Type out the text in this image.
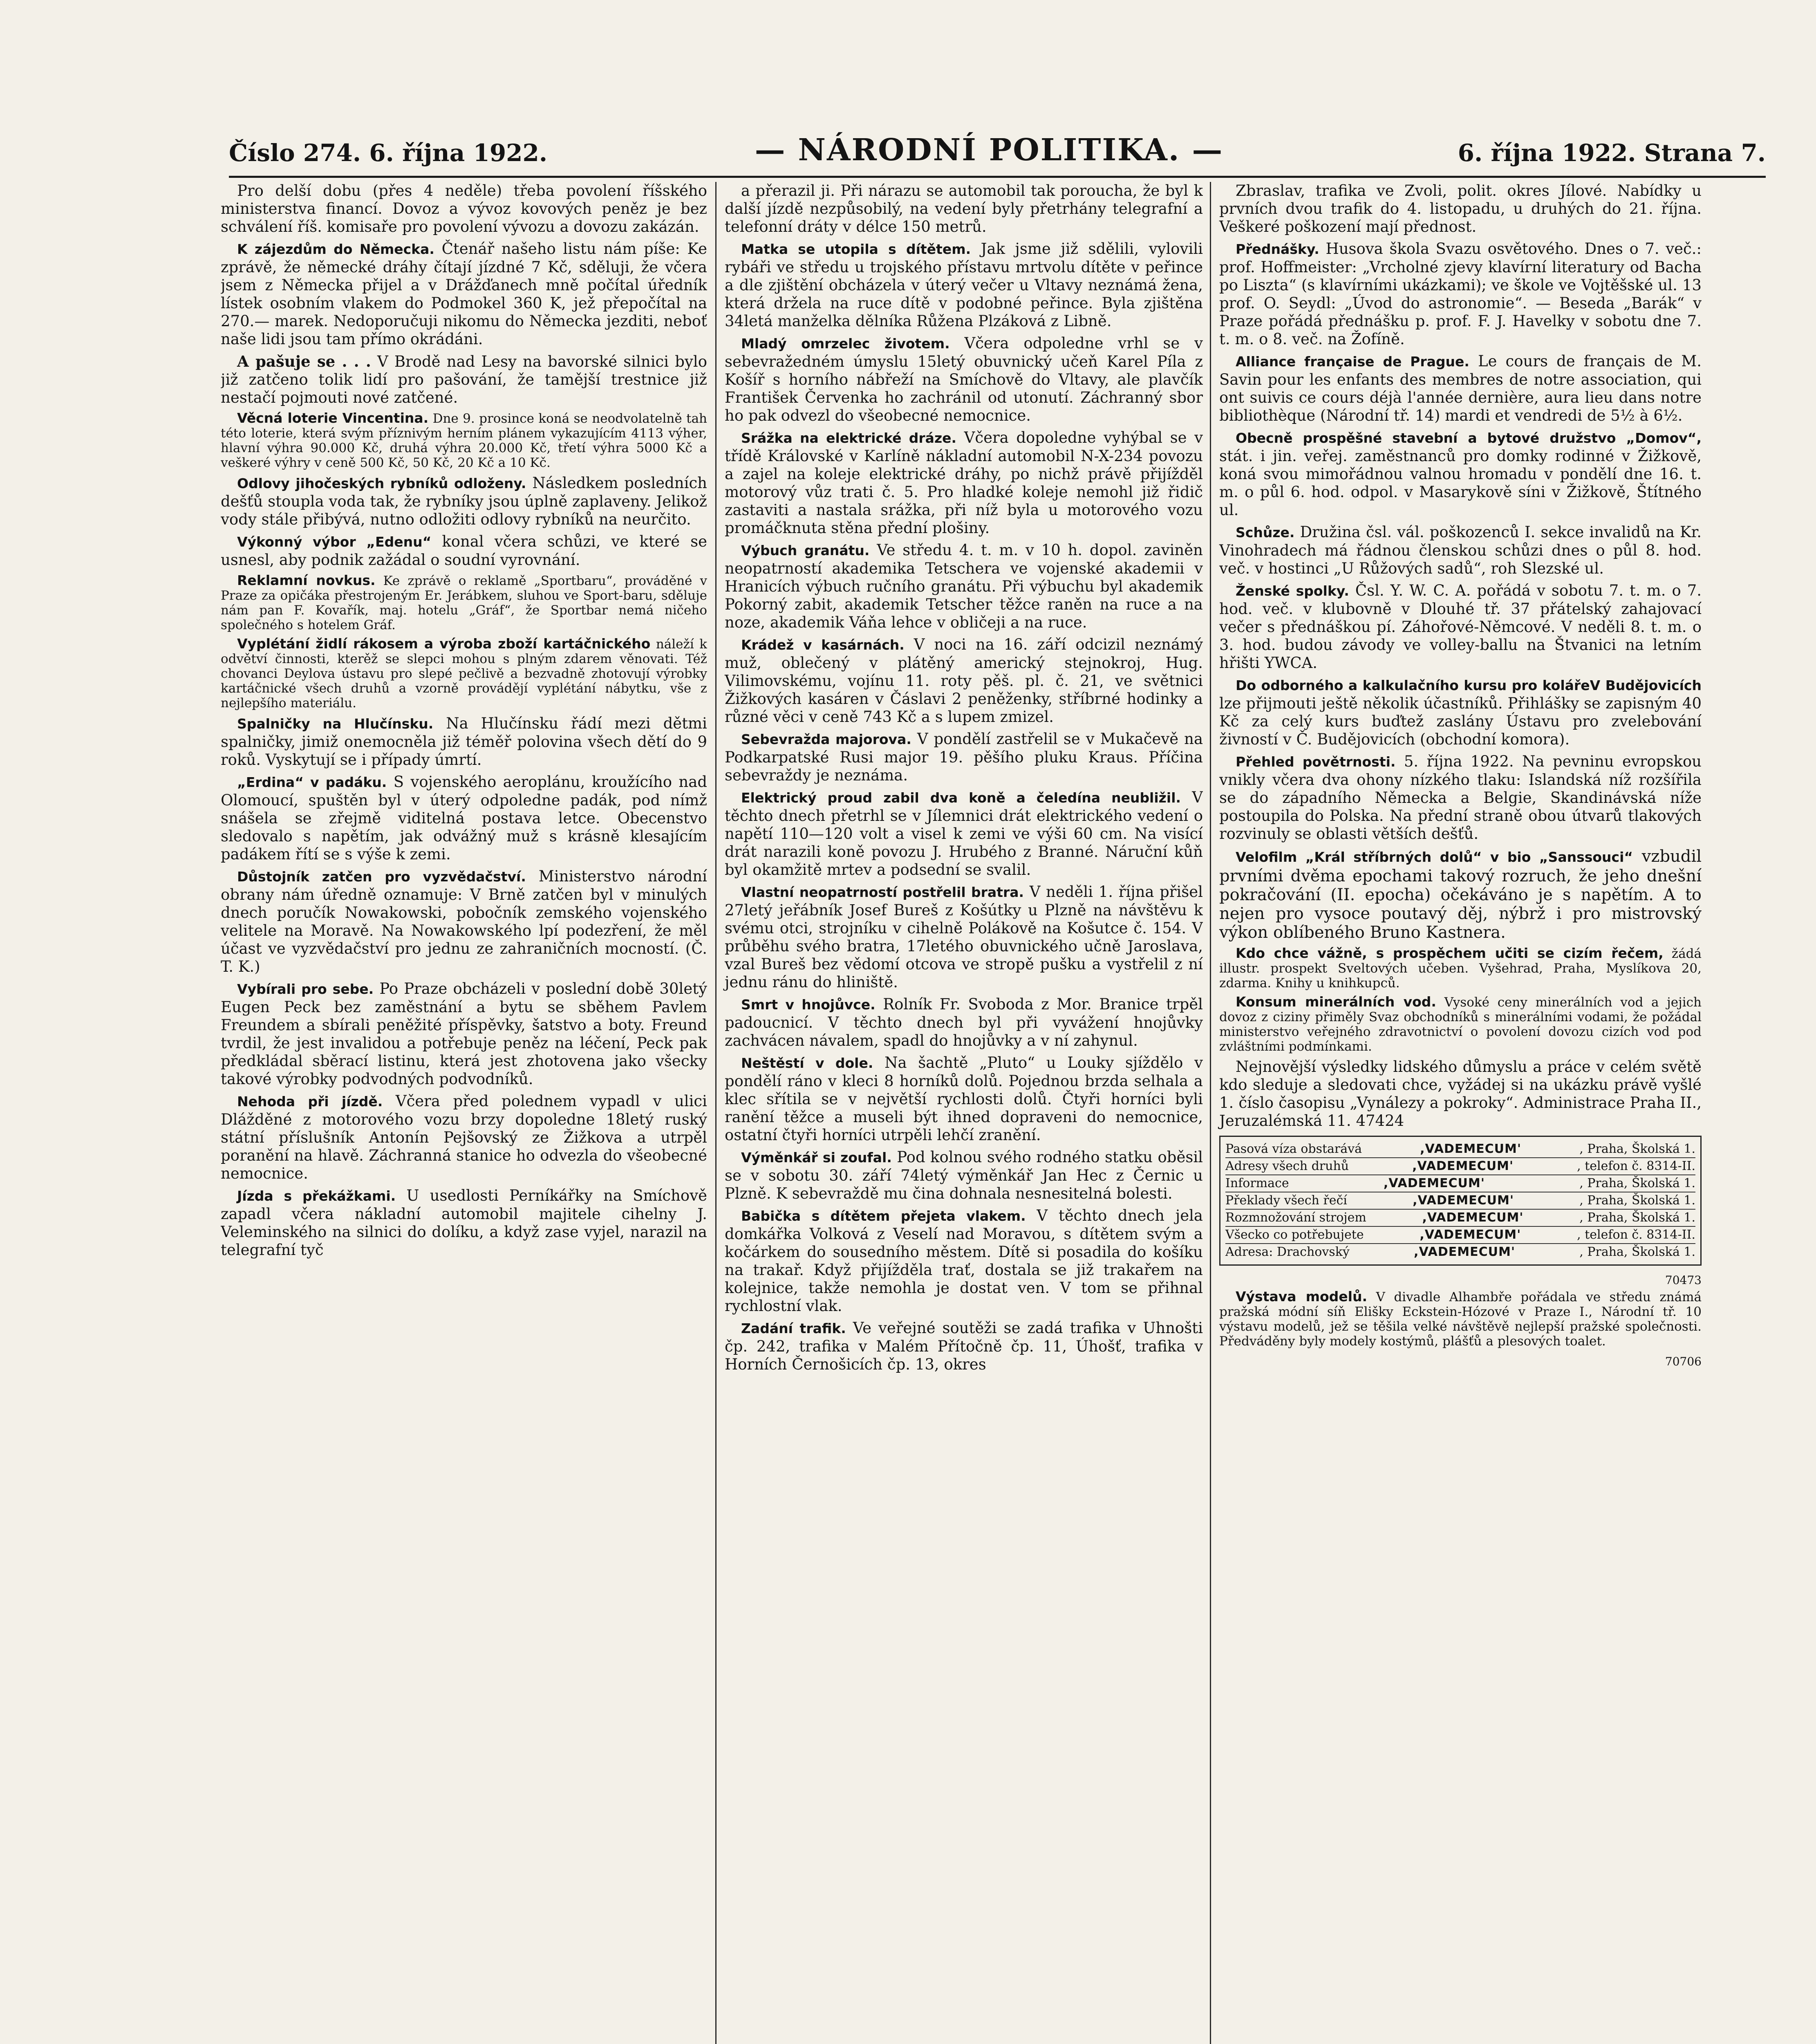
Číslo 274. 6. října 1922.	— NÁRODNÍ POLITIKA. —	6. října 1922. Strana 7.

Pro delší dobu (přes 4 neděle) třeba povolení říšského ministerstva financí. Dovoz a vývoz kovových peněz je bez schválení říš. komisaře pro povolení vývozu a dovozu zakázán.

K zájezdům do Německa. Čtenář našeho listu nám píše: Ke zprávě, že německé dráhy čítají jízdné 7 Kč, sděluji, že včera jsem z Německa přijel a v Drážďanech mně počítal úředník lístek osobním vlakem do Podmokel 360 K, jež přepočítal na 270.— marek. Nedoporučuji nikomu do Německa jezditi, neboť naše lidi jsou tam přímo okrádáni.

A pašuje se . . . V Brodě nad Lesy na bavorské silnici bylo již zatčeno tolik lidí pro pašování, že tamější trestnice již nestačí pojmouti nové zatčené.

Věcná loterie Vincentina. Dne 9. prosince koná se neodvolatelně tah této loterie, která svým příznivým herním plánem vykazujícím 4113 výher, hlavní výhra 90.000 Kč, druhá výhra 20.000 Kč, třetí výhra 5000 Kč a veškeré výhry v ceně 500 Kč, 50 Kč, 20 Kč a 10 Kč.

Odlovy jihočeských rybníků odloženy. Následkem posledních dešťů stoupla voda tak, že rybníky jsou úplně zaplaveny. Jelikož vody stále přibývá, nutno odložiti odlovy rybníků na neurčito.

Výkonný výbor „Edenu“ konal včera schůzi, ve které se usnesl, aby podnik zažádal o soudní vyrovnání.

Reklamní novkus. Ke zprávě o reklamě „Sportbaru“, prováděné v Praze za opičáka přestrojeným Er. Jerábkem, sluhou ve Sport-baru, sděluje nám pan F. Kovařík, maj. hotelu „Gráf“, že Sportbar nemá ničeho společného s hotelem Gráf.

Vyplétání židlí rákosem a výroba zboží kartáčnického náleží k odvětví činnosti, kterěž se slepci mohou s plným zdarem věnovati. Též chovanci Deylova ústavu pro slepé pečlivě a bezvadně zhotovují výrobky kartáčnické všech druhů a vzorně provádějí vyplétání nábytku, vše z nejlepšího materiálu.

Spalničky na Hlučínsku. Na Hlučínsku řádí mezi dětmi spalničky, jimiž onemocněla již téměř polovina všech dětí do 9 roků. Vyskytují se i případy úmrtí.

„Erdina“ v padáku. S vojenského aeroplánu, kroužícího nad Olomoucí, spuštěn byl v úterý odpoledne padák, pod nímž snášela se zřejmě viditelná postava letce. Obecenstvo sledovalo s napětím, jak odvážný muž s krásně klesajícím padákem řítí se s výše k zemi.

Důstojník zatčen pro vyzvědačství. Ministerstvo národní obrany nám úředně oznamuje: V Brně zatčen byl v minulých dnech poručík Nowakowski, pobočník zemského vojenského velitele na Moravě. Na Nowakowského lpí podezření, že měl účast ve vyzvědačství pro jednu ze zahraničních mocností. (Č. T. K.)

Vybírali pro sebe. Po Praze obcházeli v poslední době 30letý Eugen Peck bez zaměstnání a bytu se sběhem Pavlem Freundem a sbírali peněžité příspěvky, šatstvo a boty. Freund tvrdil, že jest invalidou a potřebuje peněz na léčení, Peck pak předkládal sběrací listinu, která jest zhotovena jako všecky takové výrobky podvodných podvodníků.

Nehoda při jízdě. Včera před polednem vypadl v ulici Dlážděné z motorového vozu brzy dopoledne 18letý ruský státní příslušník Antonín Pejšovský ze Žižkova a utrpěl poranění na hlavě. Záchranná stanice ho odvezla do všeobecné nemocnice.

Jízda s překážkami. U usedlosti Perníkářky na Smíchově zapadl včera nákladní automobil majitele cihelny J. Veleminského na silnici do dolíku, a když zase vyjel, narazil na telegrafní tyč

a přerazil ji. Při nárazu se automobil tak poroucha, že byl k další jízdě nezpůsobilý, na vedení byly přetrhány telegrafní a telefonní dráty v délce 150 metrů.

Matka se utopila s dítětem. Jak jsme již sdělili, vylovili rybáři ve středu u trojského přístavu mrtvolu dítěte v peřince a dle zjištění obcházela v úterý večer u Vltavy neznámá žena, která držela na ruce dítě v podobné peřince. Byla zjištěna 34letá manželka dělníka Růžena Plzáková z Libně.

Mladý omrzelec životem. Včera odpoledne vrhl se v sebevražedném úmyslu 15letý obuvnický učeň Karel Píla z Košíř s horního nábřeží na Smíchově do Vltavy, ale plavčík František Červenka ho zachránil od utonutí. Záchranný sbor ho pak odvezl do všeobecné nemocnice.

Srážka na elektrické dráze. Včera dopoledne vyhýbal se v třídě Královské v Karlíně nákladní automobil N-X-234 povozu a zajel na koleje elektrické dráhy, po nichž právě přijížděl motorový vůz trati č. 5. Pro hladké koleje nemohl již řidič zastaviti a nastala srážka, při níž byla u motorového vozu promáčknuta stěna přední plošiny.

Výbuch granátu. Ve středu 4. t. m. v 10 h. dopol. zaviněn neopatrností akademika Tetschera ve vojenské akademii v Hranicích výbuch ručního granátu. Při výbuchu byl akademik Pokorný zabit, akademik Tetscher těžce raněn na ruce a na noze, akademik Váňa lehce v obličeji a na ruce.

Krádež v kasárnách. V noci na 16. září odcizil neznámý muž, oblečený v plátěný americký stejnokroj, Hug. Vilimovskému, vojínu 11. roty pěš. pl. č. 21, ve světnici Žižkových kasáren v Čáslavi 2 peněženky, stříbrné hodinky a různé věci v ceně 743 Kč a s lupem zmizel.

Sebevražda majorova. V pondělí zastřelil se v Mukačevě na Podkarpatské Rusi major 19. pěšího pluku Kraus. Příčina sebevraždy je neznáma.

Elektrický proud zabil dva koně a čeledína neubližil. V těchto dnech přetrhl se v Jílemnici drát elektrického vedení o napětí 110—120 volt a visel k zemi ve výši 60 cm. Na visící drát narazili koně povozu J. Hrubého z Branné. Náruční kůň byl okamžitě mrtev a podsední se svalil.

Vlastní neopatrností postřelil bratra. V neděli 1. října přišel 27letý jeřábník Josef Bureš z Košútky u Plzně na návštěvu k svému otci, strojníku v cihelně Polákově na Košutce č. 154. V průběhu svého bratra, 17letého obuvnického učně Jaroslava, vzal Bureš bez vědomí otcova ve stropě pušku a vystřelil z ní jednu ránu do hliniště.

Smrt v hnojůvce. Rolník Fr. Svoboda z Mor. Branice trpěl padoucnicí. V těchto dnech byl při vyvážení hnojůvky zachvácen návalem, spadl do hnojůvky a v ní zahynul.

Neštěstí v dole. Na šachtě „Pluto“ u Louky sjíždělo v pondělí ráno v kleci 8 horníků dolů. Pojednou brzda selhala a klec sřítila se v největší rychlosti dolů. Čtyři horníci byli ranění těžce a museli být ihned dopraveni do nemocnice, ostatní čtyři horníci utrpěli lehčí zranění.

Výměnkář si zoufal. Pod kolnou svého rodného statku oběsil se v sobotu 30. září 74letý výměnkář Jan Hec z Černic u Plzně. K sebevraždě mu čina dohnala nesnesitelná bolesti.

Babička s dítětem přejeta vlakem. V těchto dnech jela domkářka Volková z Veselí nad Moravou, s dítětem svým a kočárkem do sousedního městem. Dítě si posadila do košíku na trakař. Když přijížděla trať, dostala se již trakařem na kolejnice, takže nemohla je dostat ven. V tom se přihnal rychlostní vlak.

Zadání trafik. Ve veřejné soutěži se zadá trafika v Uhnošti čp. 242, trafika v Malém Přítočně čp. 11, Úhošť, trafika v Horních Černošicích čp. 13, okres

Zbraslav, trafika ve Zvoli, polit. okres Jílové. Nabídky u prvních dvou trafik do 4. listopadu, u druhých do 21. října. Veškeré poškození mají přednost.

Přednášky. Husova škola Svazu osvětového. Dnes o 7. več.: prof. Hoffmeister: „Vrcholné zjevy klavírní literatury od Bacha po Liszta“ (s klavírními ukázkami); ve škole ve Vojtěšské ul. 13 prof. O. Seydl: „Úvod do astronomie“. — Beseda „Barák“ v Praze pořádá přednášku p. prof. F. J. Havelky v sobotu dne 7. t. m. o 8. več. na Žofíně.

Alliance française de Prague. Le cours de français de M. Savin pour les enfants des membres de notre association, qui ont suivis ce cours déjà l'année dernière, aura lieu dans notre bibliothèque (Národní tř. 14) mardi et vendredi de 5½ à 6½.

Obecně prospěšné stavební a bytové družstvo „Domov“, stát. i jin. veřej. zaměstnanců pro domky rodinné v Žižkově, koná svou mimořádnou valnou hromadu v pondělí dne 16. t. m. o půl 6. hod. odpol. v Masarykově síni v Žižkově, Štítného ul.

Schůze. Družina čsl. vál. poškozenců I. sekce invalidů na Kr. Vinohradech má řádnou členskou schůzi dnes o půl 8. hod. več. v hostinci „U Růžových sadů“, roh Slezské ul.

Ženské spolky. Čsl. Y. W. C. A. pořádá v sobotu 7. t. m. o 7. hod. več. v klubovně v Dlouhé tř. 37 přátelský zahajovací večer s přednáškou pí. Záhořové-Němcové. V neděli 8. t. m. o 3. hod. budou závody ve volley-ballu na Štvanici na letním hřišti YWCA.

Do odborného a kalkulačního kursu pro kolářeV Budějovicích lze přijmouti ještě několik účastníků. Přihlášky se zapisným 40 Kč za celý kurs buďtež zaslány Ústavu pro zvelebování živností v Č. Budějovicích (obchodní komora).

Přehled povětrnosti. 5. října 1922. Na pevninu evropskou vnikly včera dva ohony nízkého tlaku: Islandská níž rozšířila se do západního Německa a Belgie, Skandinávská níže postoupila do Polska. Na přední straně obou útvarů tlakových rozvinuly se oblasti větších dešťů.

Velofilm „Král stříbrných dolů“ v bio „Sanssouci“ vzbudil prvními dvěma epochami takový rozruch, že jeho dnešní pokračování (II. epocha) očekáváno je s napětím. A to nejen pro vysoce poutavý děj, nýbrž i pro mistrovský výkon oblíbeného Bruno Kastnera.

Kdo chce vážně, s prospěchem učiti se cizím řečem, žádá illustr. prospekt Sveltových učeben. Vyšehrad, Praha, Myslíkova 20, zdarma. Knihy u knihkupců.

Konsum minerálních vod. Vysoké ceny minerálních vod a jejich dovoz z ciziny přiměly Svaz obchodníků s minerálními vodami, že požádal ministerstvo veřejného zdravotnictví o povolení dovozu cizích vod pod zvláštními podmínkami.

Nejnovější výsledky lidského důmyslu a práce v celém světě kdo sleduje a sledovati chce, vyžádej si na ukázku právě vyšlé 1. číslo časopisu „Vynálezy a pokroky“. Administrace Praha II., Jeruzalémská 11. 47424

Pasová víza obstarává	,VADEMECUM'	, Praha, Školská 1.
Adresy všech druhů	,VADEMECUM'	, telefon č. 8314-II.
Informace	,VADEMECUM'	, Praha, Školská 1.
Překlady všech řečí	,VADEMECUM'	, Praha, Školská 1.
Rozmnožování strojem	,VADEMECUM'	, Praha, Školská 1.
Všecko co potřebujete	,VADEMECUM'	, telefon č. 8314-II.
Adresa: Drachovský	,VADEMECUM'	, Praha, Školská 1.
70473

Výstava modelů. V divadle Alhambře pořádala ve středu známá pražská módní síň Elišky Eckstein-Hózové v Praze I., Národní tř. 10 výstavu modelů, jež se těšila velké návštěvě nejlepší pražské společnosti. Předváděny byly modely kostýmů, plášťů a plesových toalet.

70706
